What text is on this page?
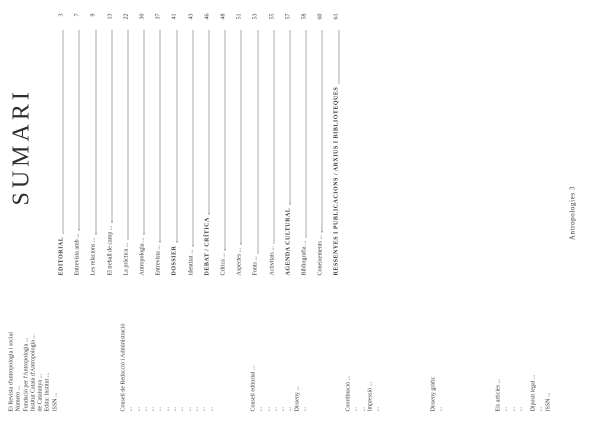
El Revista d'antropologia i social Número ... Fundació per l'Antropologia ... Institut Català d'Antropologia ... de Catalunya ... Edita: Institut ... ISSN ...	Consell de Redacció i Administració ... ... ... ... ... ... ... ... ... ... ... ...	Consell editorial ... ... ... ... ... ... Disseny ... ...	Coordinació ... ... ... Impressió ... ...	Disseny gràfic ...	Els articles ... ... ... ... Dipòsit legal ... ... ISSN ...
SUMARI
EDITORIAL
3
Entrevista amb ...
7
Les relacions ...
9
El treball de camp ...
13
La pràctica ...
22
Antropologia ...
30
Entrevista ...
37
DOSSIER
41
Identitat ...
43
DEBAT / CRÍTICA
46
Crítica ...
48
Aspectes ...
51
Fonts ...
53
Activitats ...
55
AGENDA CULTURAL
57
Bibliografia ...
58
Coneixements ...
60
RESSENYES I PUBLICACIONS / ARXIUS I BIBLIOTEQUES
61
Antropologies 3
